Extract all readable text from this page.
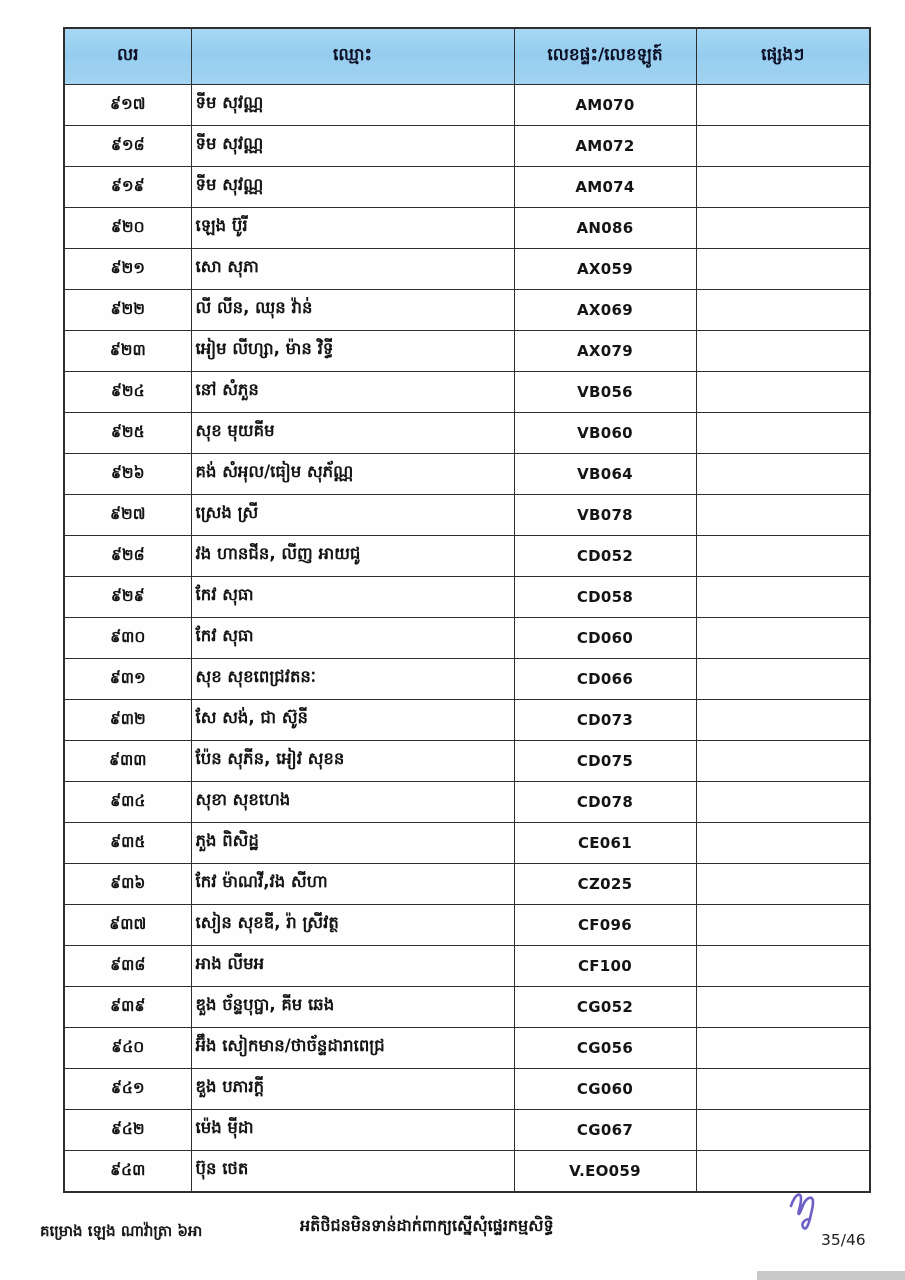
លរ	ឈ្មោះ	លេខផ្ទះ/លេខឡូត៍	ផ្សេងៗ
៩១៧	ទីម សុវណ្ណ	AM070	
៩១៨	ទីម សុវណ្ណ	AM072	
៩១៩	ទីម សុវណ្ណ	AM074	
៩២០	ឡេង ប៊ូរី	AN086	
៩២១	សោ សុភា	AX059	
៩២២	លី លីន, ឈុន វ៉ាន់	AX069	
៩២៣	អៀម លីហ្សា, ម៉ាន វិទ្ធី	AX079	
៩២៤	នៅ សំភួន	VB056	
៩២៥	សុខ មុយគីម	VB060	
៩២៦	គង់ សំអុល/ធៀម សុភ័ណ្ណ	VB064	
៩២៧	ស្រេង ស្រី	VB078	
៩២៨	វង ហានជីន, លីញ អាយជូ	CD052	
៩២៩	កែវ សុធា	CD058	
៩៣០	កែវ សុធា	CD060	
៩៣១	សុខ សុខពេជ្រវតនៈ	CD066	
៩៣២	សែ សង់, ជា ស៊ូនី	CD073	
៩៣៣	ប៉ែន សុភីន, អៀវ សុខន	CD075	
៩៣៤	សុខា សុខហេង	CD078	
៩៣៥	ភួង ពិសិដ្ឋ	CE061	
៩៣៦	កែវ ម៉ាណវី,វង សីហា	CZ025	
៩៣៧	សៀន សុខឌី, រ៉ា ស្រីវត្ថ	CF096	
៩៣៨	អាង លីមអ	CF100	
៩៣៩	ឌួង ច័ន្ទបុប្ផា, គីម ឆេង	CG052	
៩៤០	អ៊ឹង សៀកមាន/ថាច័ន្ទដារាពេជ្រ	CG056	
៩៤១	ឌួង បភារក្តី	CG060	
៩៤២	ម៉េង មុីដា	CG067	
៩៤៣	ប៊ុន ថេត	V.EO059	
គម្រោង ឡេង ណាវ៉ាត្រា ៦អា	អតិថិជនមិនទាន់ដាក់ពាក្យស្នើសុំផ្ទេរកម្មសិទ្ធិ
35/46
